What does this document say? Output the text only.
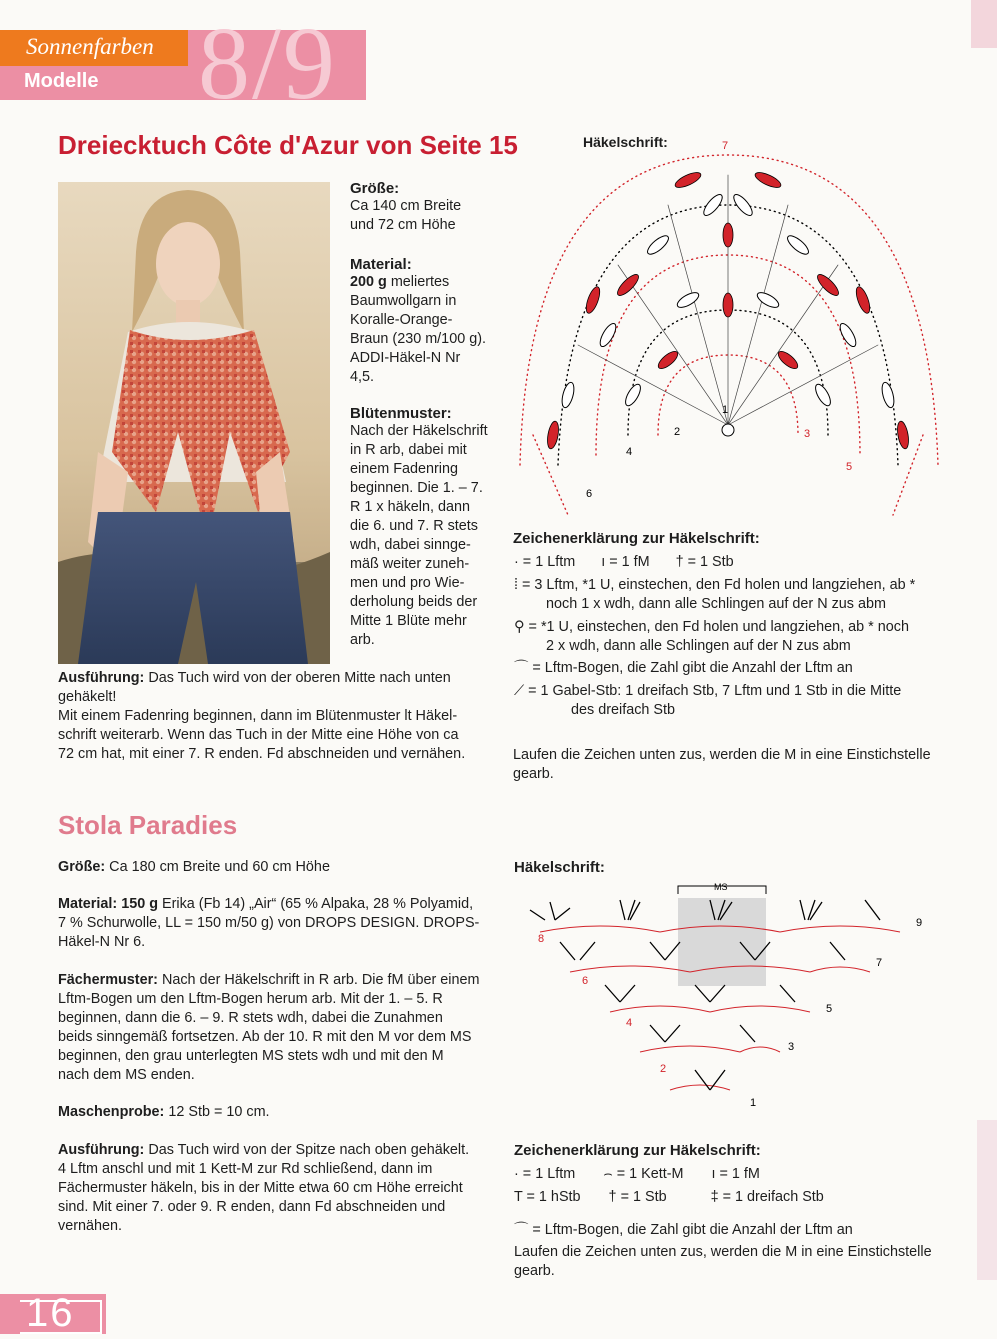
Sonnenfarben
Modelle 8/9
Dreiecktuch Côte d'Azur von Seite 15

Größe:

Ca 140 cm Breite

und 72 cm Höhe

Material:

200 g meliertes

Baumwollgarn in

Koralle-Orange-

Braun (230 m/100 g).

ADDI-Häkel-N Nr

4,5.

Blütenmuster:

Nach der Häkelschrift

in R arb, dabei mit

einem Fadenring

beginnen. Die 1. – 7.

R 1 x häkeln, dann

die 6. und 7. R stets

wdh, dabei sinnge-

mäß weiter zuneh-

men und pro Wie-

derholung beids der

Mitte 1 Blüte mehr

arb.

Ausführung: Das Tuch wird von der oberen Mitte nach unten

gehäkelt!

Mit einem Fadenring beginnen, dann im Blütenmuster lt Häkel-

schrift weiterarb. Wenn das Tuch in der Mitte eine Höhe von ca

72 cm hat, mit einer 7. R enden. Fd abschneiden und vernähen.

Häkelschrift:
1
2	3
4
5
6
7
Zeichenerklärung zur Häkelschrift:
· = 1 Lftm ı = 1 fM † = 1 Stb
⁞ = 3 Lftm, *1 U, einstechen, den Fd holen und langziehen, ab *
noch 1 x wdh, dann alle Schlingen auf der N zus abm
⚲ = *1 U, einstechen, den Fd holen und langziehen, ab * noch
2 x wdh, dann alle Schlingen auf der N zus abm
⌒ = Lftm-Bogen, die Zahl gibt die Anzahl der Lftm an
⟋ = 1 Gabel-Stb: 1 dreifach Stb, 7 Lftm und 1 Stb in die Mitte
des dreifach Stb
Laufen die Zeichen unten zus, werden die M in eine Einstichstelle
gearb.
Stola Paradies

Größe: Ca 180 cm Breite und 60 cm Höhe

Material: 150 g Erika (Fb 14) „Air“ (65 % Alpaka, 28 % Polyamid,

7 % Schurwolle, LL = 150 m/50 g) von DROPS DESIGN. DROPS-

Häkel-N Nr 6.

Fächermuster: Nach der Häkelschrift in R arb. Die fM über einem

Lftm-Bogen um den Lftm-Bogen herum arb. Mit der 1. – 5. R

beginnen, dann die 6. – 9. R stets wdh, dabei die Zunahmen

beids sinngemäß fortsetzen. Ab der 10. R mit den M vor dem MS

beginnen, den grau unterlegten MS stets wdh und mit den M

nach dem MS enden.

Maschenprobe: 12 Stb = 10 cm.

Ausführung: Das Tuch wird von der Spitze nach oben gehäkelt.

4 Lftm anschl und mit 1 Kett-M zur Rd schließend, dann im

Fächermuster häkeln, bis in der Mitte etwa 60 cm Höhe erreicht

sind. Mit einer 7. oder 9. R enden, dann Fd abschneiden und

vernähen.

Häkelschrift:
MS
1
2
3
4
5
6
7
8
9
Zeichenerklärung zur Häkelschrift:
· = 1 Lftm ⌢ = 1 Kett-M ı = 1 fM
T = 1 hStb † = 1 Stb	‡ = 1 dreifach Stb
⌒ = Lftm-Bogen, die Zahl gibt die Anzahl der Lftm an
Laufen die Zeichen unten zus, werden die M in eine Einstichstelle
gearb.
16
